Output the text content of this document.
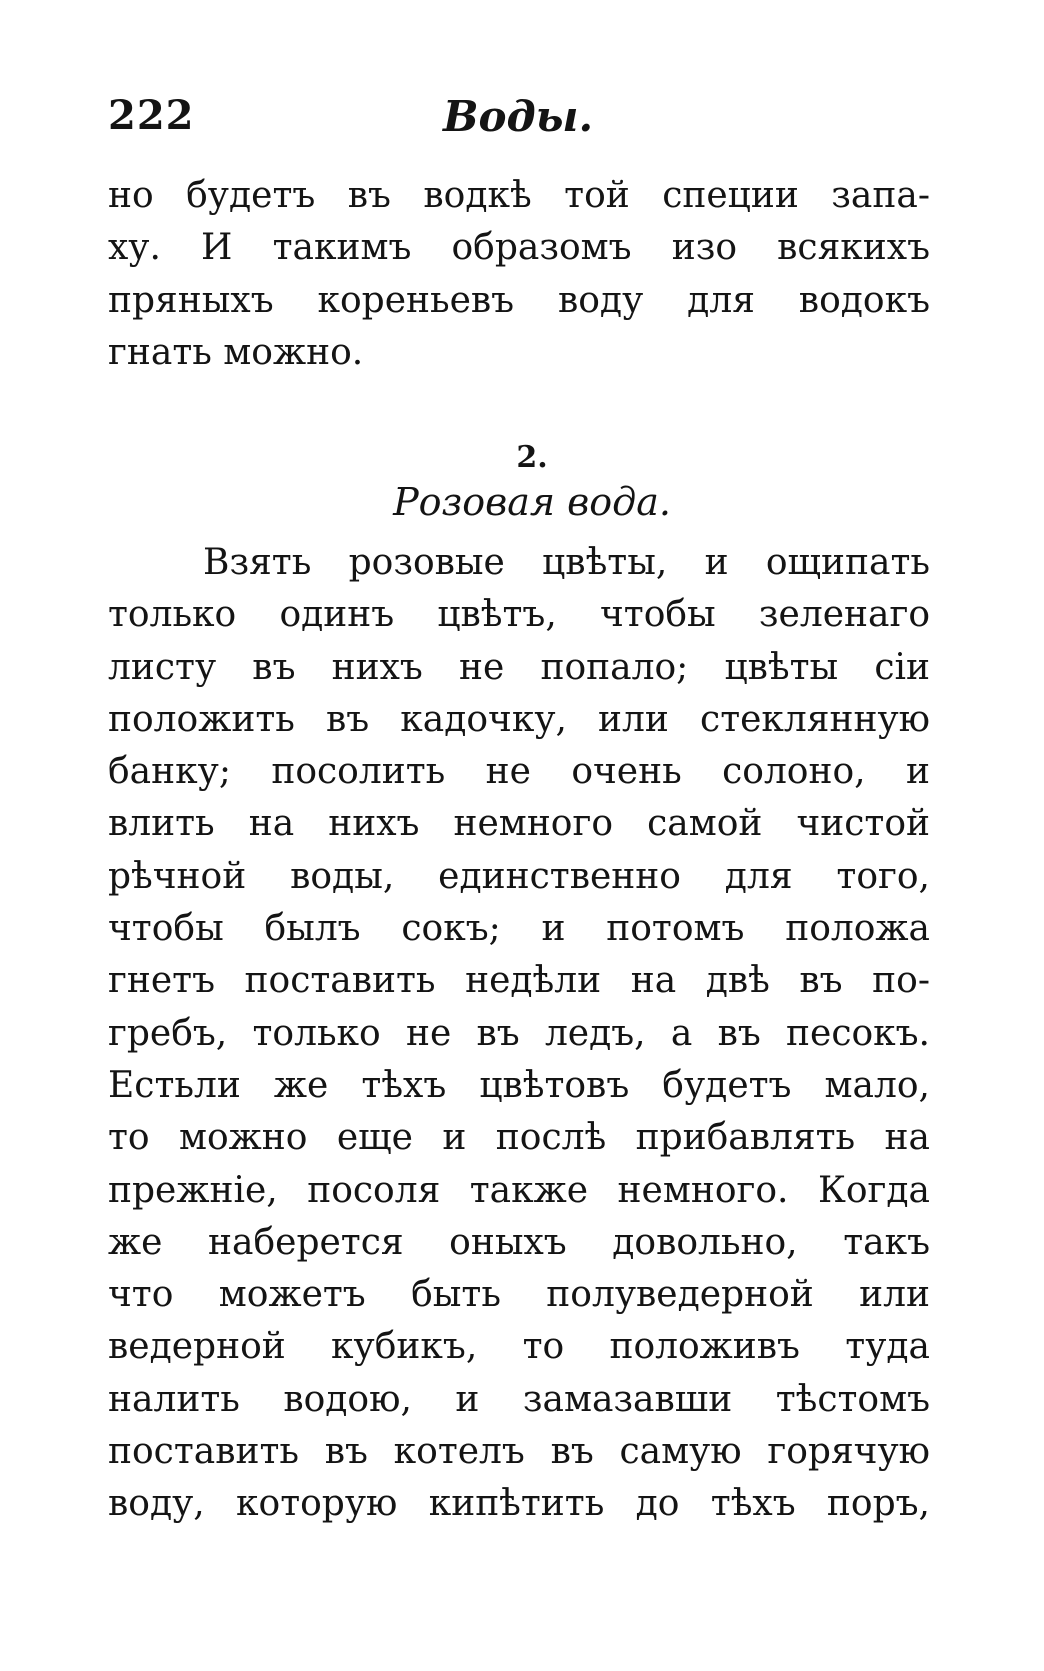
222	Воды.
но будетъ въ водкѣ той специи запа-
ху. И такимъ образомъ изо всякихъ
пряныхъ кореньевъ воду для водокъ
гнать можно.
2.
Розовая вода.
Взять розовые цвѣты, и ощипать
только одинъ цвѣтъ, чтобы зеленаго
листу въ нихъ не попало; цвѣты сіи
положить въ кадочку, или стеклянную
банку; посолить не очень солоно, и
влить на нихъ немного самой чистой
рѣчной воды, единственно для того,
чтобы былъ сокъ; и потомъ положа
гнетъ поставить недѣли на двѣ въ по-
гребъ, только не въ ледъ, а въ песокъ.
Естьли же тѣхъ цвѣтовъ будетъ мало,
то можно еще и послѣ прибавлять на
прежніе, посоля также немного. Когда
же наберется оныхъ довольно, такъ
что можетъ быть полуведерной или
ведерной кубикъ, то положивъ туда
налить водою, и замазавши тѣстомъ
поставить въ котелъ въ самую горячую
воду, которую кипѣтить до тѣхъ поръ,
